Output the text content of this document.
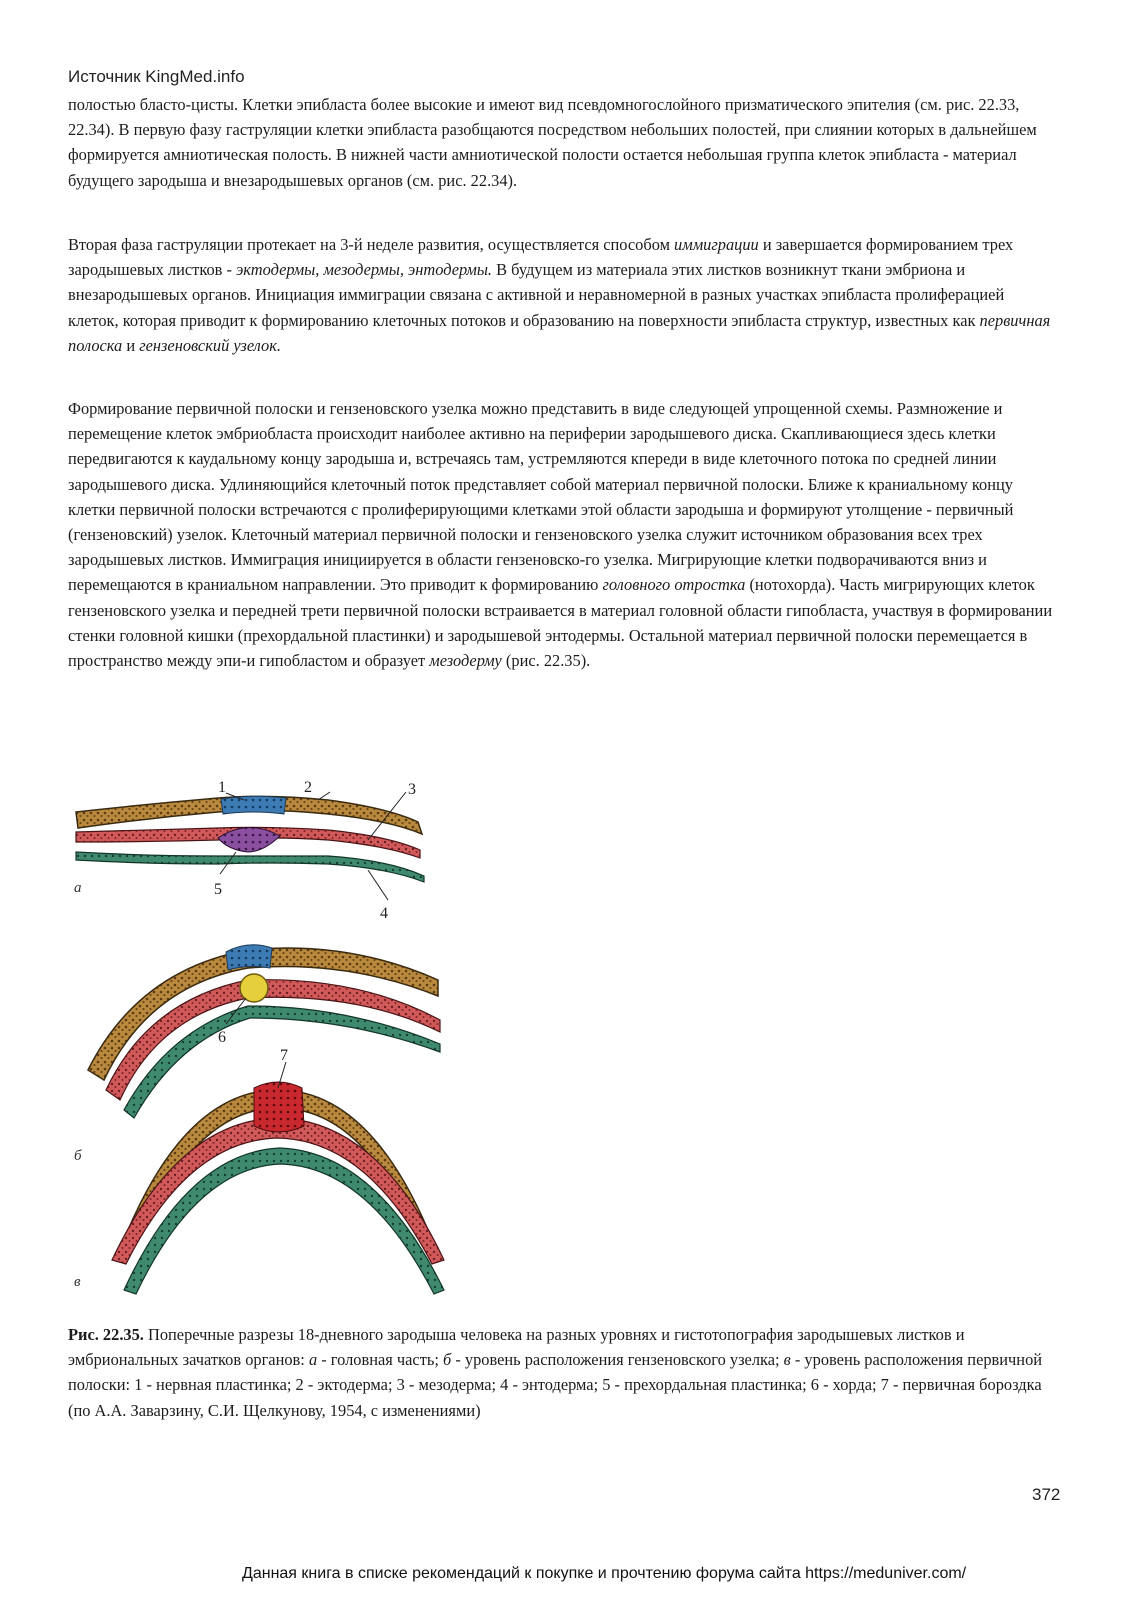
Источник KingMed.info

полостью бласто-цисты. Клетки эпибласта более высокие и имеют вид псевдомногослойного призматического эпителия (см. рис. 22.33, 22.34). В первую фазу гаструляции клетки эпибласта разобщаются посредством небольших полостей, при слиянии которых в дальнейшем формируется амниотическая полость. В нижней части амниотической полости остается небольшая группа клеток эпибласта - материал будущего зародыша и внезародышевых органов (см. рис. 22.34).

Вторая фаза гаструляции протекает на 3-й неделе развития, осуществляется способом иммиграции и завершается формированием трех зародышевых листков - эктодермы, мезодермы, энтодермы. В будущем из материала этих листков возникнут ткани эмбриона и внезародышевых органов. Инициация иммиграции связана с активной и неравномерной в разных участках эпибласта пролиферацией клеток, которая приводит к формированию клеточных потоков и образованию на поверхности эпибласта структур, известных как первичная полоска и гензеновский узелок.

Формирование первичной полоски и гензеновского узелка можно представить в виде следующей упрощенной схемы. Размножение и перемещение клеток эмбриобласта происходит наиболее активно на периферии зародышевого диска. Скапливающиеся здесь клетки передвигаются к каудальному концу зародыша и, встречаясь там, устремляются кпереди в виде клеточного потока по средней линии зародышевого диска. Удлиняющийся клеточный поток представляет собой материал первичной полоски. Ближе к краниальному концу клетки первичной полоски встречаются с пролиферирующими клетками этой области зародыша и формируют утолщение - первичный (гензеновский) узелок. Клеточный материал первичной полоски и гензеновского узелка служит источником образования всех трех зародышевых листков. Иммиграция инициируется в области гензеновско-го узелка. Мигрирующие клетки подворачиваются вниз и перемещаются в краниальном направлении. Это приводит к формированию головного отростка (нотохорда). Часть мигрирующих клеток гензеновского узелка и передней трети первичной полоски встраивается в материал головной области гипобласта, участвуя в формировании стенки головной кишки (прехордальной пластинки) и зародышевой энтодермы. Остальной материал первичной полоски перемещается в пространство между эпи-и гипобластом и образует мезодерму (рис. 22.35).

1	2	3
4
5
а
6
7
б
в

Рис. 22.35. Поперечные разрезы 18-дневного зародыша человека на разных уровнях и гистотопография зародышевых листков и эмбриональных зачатков органов: а - головная часть; б - уровень расположения гензеновского узелка; в - уровень расположения первичной полоски: 1 - нервная пластинка; 2 - эктодерма; 3 - мезодерма; 4 - энтодерма; 5 - прехордальная пластинка; 6 - хорда; 7 - первичная бороздка (по А.А. Заварзину, С.И. Щелкунову, 1954, с изменениями)

372
Данная книга в списке рекомендаций к покупке и прочтению форума сайта https://meduniver.com/
